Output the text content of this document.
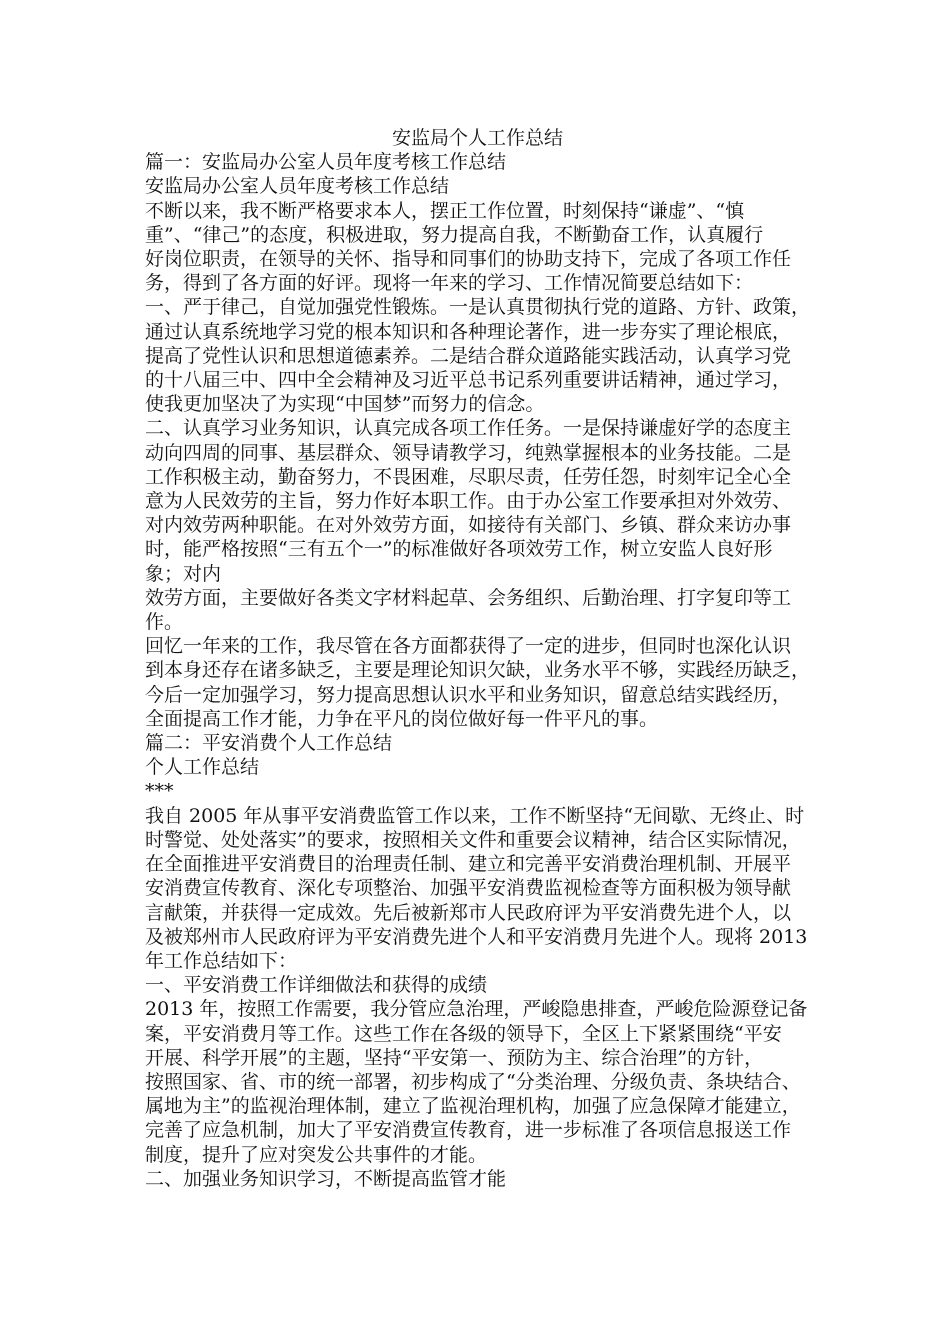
安监局个人工作总结

篇一：安监局办公室人员年度考核工作总结

安监局办公室人员年度考核工作总结

不断以来，我不断严格要求本人，摆正工作位置，时刻保持“谦虚”、“慎

重”、“律己”的态度，积极进取，努力提高自我，不断勤奋工作，认真履行

好岗位职责，在领导的关怀、指导和同事们的协助支持下，完成了各项工作任

务，得到了各方面的好评。现将一年来的学习、工作情况简要总结如下：

一、严于律己，自觉加强党性锻炼。一是认真贯彻执行党的道路、方针、政策，

通过认真系统地学习党的根本知识和各种理论著作，进一步夯实了理论根底，

提高了党性认识和思想道德素养。二是结合群众道路能实践活动，认真学习党

的十八届三中、四中全会精神及习近平总书记系列重要讲话精神，通过学习，

使我更加坚决了为实现“中国梦”而努力的信念。

二、认真学习业务知识，认真完成各项工作任务。一是保持谦虚好学的态度主

动向四周的同事、基层群众、领导请教学习，纯熟掌握根本的业务技能。二是

工作积极主动，勤奋努力，不畏困难，尽职尽责，任劳任怨，时刻牢记全心全

意为人民效劳的主旨，努力作好本职工作。由于办公室工作要承担对外效劳、

对内效劳两种职能。在对外效劳方面，如接待有关部门、乡镇、群众来访办事

时，能严格按照“三有五个一”的标准做好各项效劳工作，树立安监人良好形

象；对内

效劳方面，主要做好各类文字材料起草、会务组织、后勤治理、打字复印等工

作。

回忆一年来的工作，我尽管在各方面都获得了一定的进步，但同时也深化认识

到本身还存在诸多缺乏，主要是理论知识欠缺，业务水平不够，实践经历缺乏，

今后一定加强学习，努力提高思想认识水平和业务知识，留意总结实践经历，

全面提高工作才能，力争在平凡的岗位做好每一件平凡的事。

篇二：平安消费个人工作总结

个人工作总结

***

我自 2005 年从事平安消费监管工作以来，工作不断坚持“无间歇、无终止、时

时警觉、处处落实”的要求，按照相关文件和重要会议精神，结合区实际情况，

在全面推进平安消费目的治理责任制、建立和完善平安消费治理机制、开展平

安消费宣传教育、深化专项整治、加强平安消费监视检查等方面积极为领导献

言献策，并获得一定成效。先后被新郑市人民政府评为平安消费先进个人，以

及被郑州市人民政府评为平安消费先进个人和平安消费月先进个人。现将 2013

年工作总结如下：

一、平安消费工作详细做法和获得的成绩

2013 年，按照工作需要，我分管应急治理，严峻隐患排查，严峻危险源登记备

案，平安消费月等工作。这些工作在各级的领导下，全区上下紧紧围绕“平安

开展、科学开展”的主题，坚持“平安第一、预防为主、综合治理”的方针，

按照国家、省、市的统一部署，初步构成了“分类治理、分级负责、条块结合、

属地为主”的监视治理体制，建立了监视治理机构，加强了应急保障才能建立，

完善了应急机制，加大了平安消费宣传教育，进一步标准了各项信息报送工作

制度，提升了应对突发公共事件的才能。

二、加强业务知识学习，不断提高监管才能
